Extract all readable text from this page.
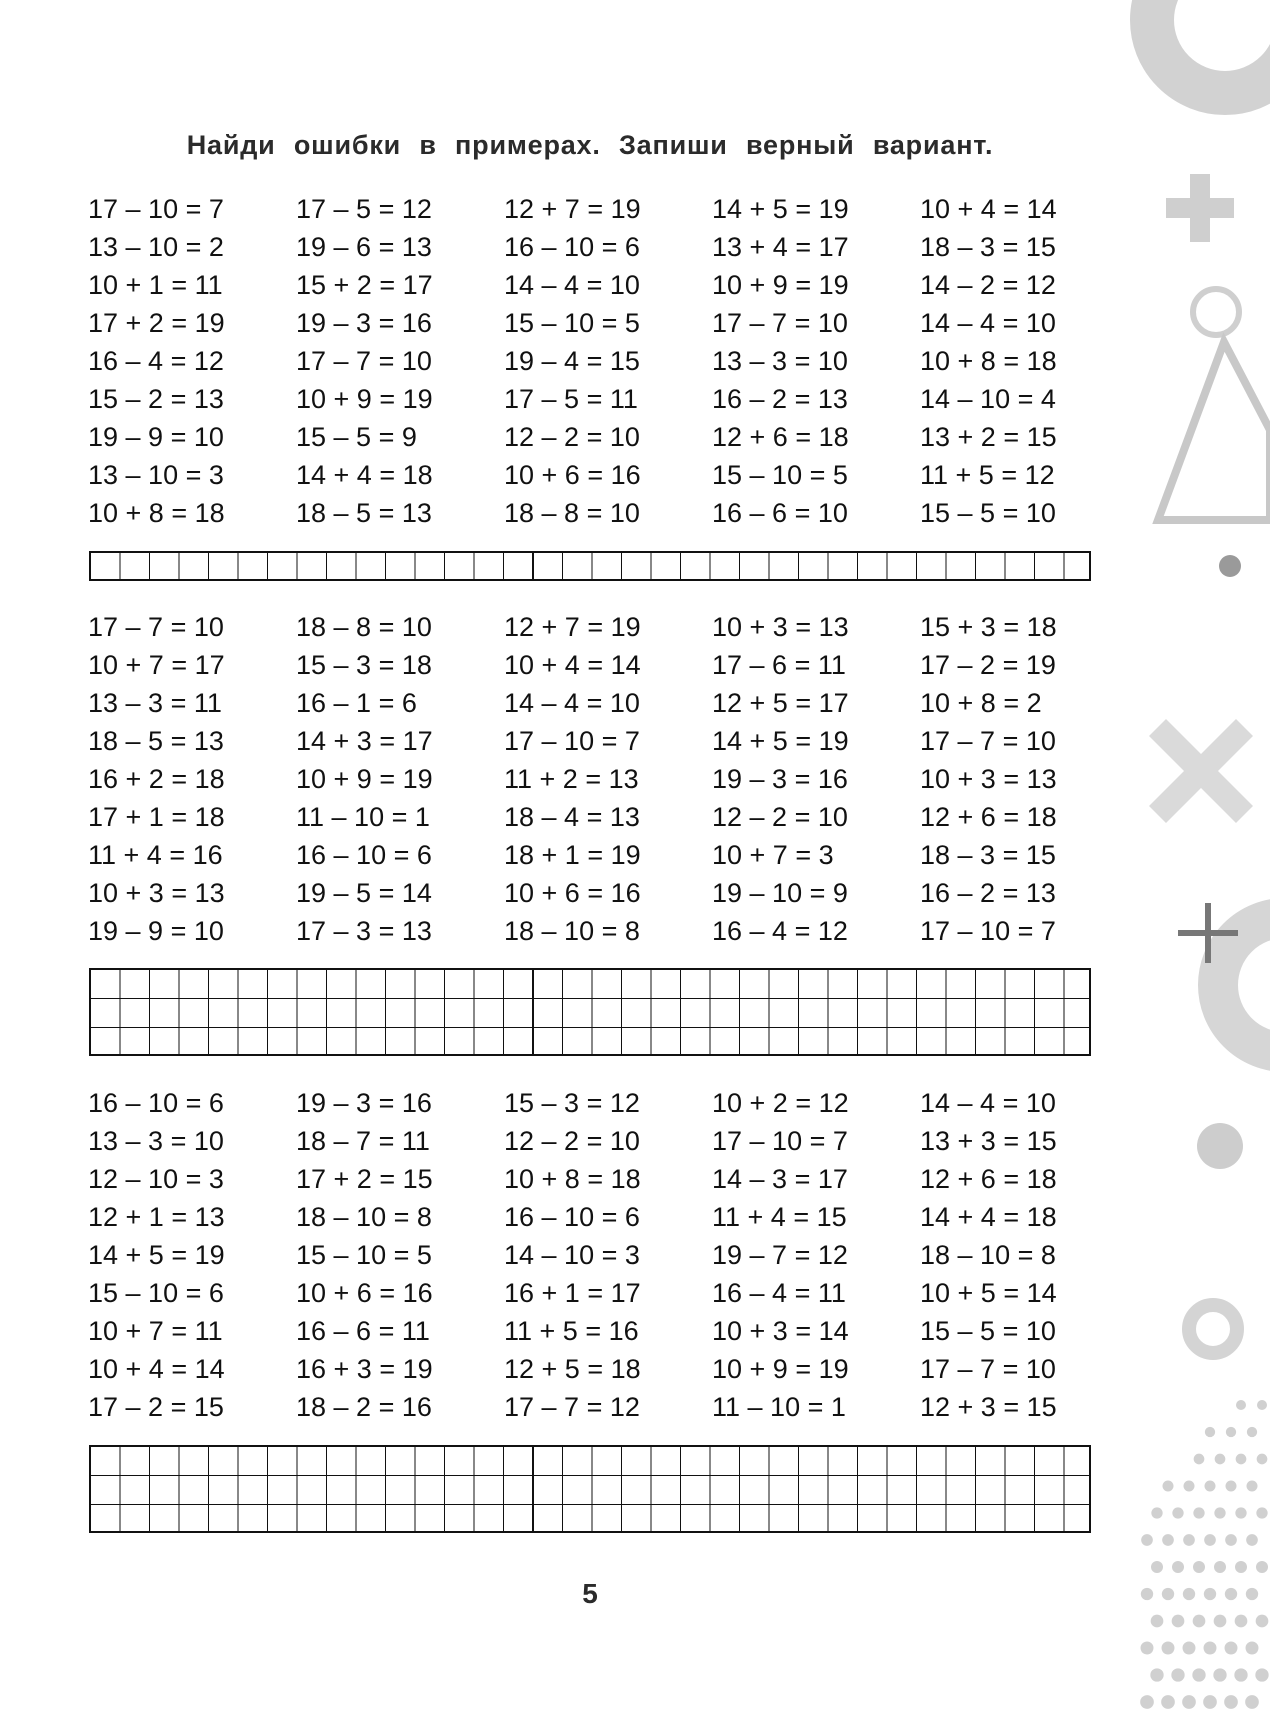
Найди ошибки в примерах. Запиши верный вариант.
17 – 10 = 7
13 – 10 = 2
10 + 1 = 11
17 + 2 = 19
16 – 4 = 12
15 – 2 = 13
19 – 9 = 10
13 – 10 = 3
10 + 8 = 18
17 – 5 = 12
19 – 6 = 13
15 + 2 = 17
19 – 3 = 16
17 – 7 = 10
10 + 9 = 19
15 – 5 = 9
14 + 4 = 18
18 – 5 = 13
12 + 7 = 19
16 – 10 = 6
14 – 4 = 10
15 – 10 = 5
19 – 4 = 15
17 – 5 = 11
12 – 2 = 10
10 + 6 = 16
18 – 8 = 10
14 + 5 = 19
13 + 4 = 17
10 + 9 = 19
17 – 7 = 10
13 – 3 = 10
16 – 2 = 13
12 + 6 = 18
15 – 10 = 5
16 – 6 = 10
10 + 4 = 14
18 – 3 = 15
14 – 2 = 12
14 – 4 = 10
10 + 8 = 18
14 – 10 = 4
13 + 2 = 15
11 + 5 = 12
15 – 5 = 10
17 – 7 = 10
10 + 7 = 17
13 – 3 = 11
18 – 5 = 13
16 + 2 = 18
17 + 1 = 18
11 + 4 = 16
10 + 3 = 13
19 – 9 = 10
18 – 8 = 10
15 – 3 = 18
16 – 1 = 6
14 + 3 = 17
10 + 9 = 19
11 – 10 = 1
16 – 10 = 6
19 – 5 = 14
17 – 3 = 13
12 + 7 = 19
10 + 4 = 14
14 – 4 = 10
17 – 10 = 7
11 + 2 = 13
18 – 4 = 13
18 + 1 = 19
10 + 6 = 16
18 – 10 = 8
10 + 3 = 13
17 – 6 = 11
12 + 5 = 17
14 + 5 = 19
19 – 3 = 16
12 – 2 = 10
10 + 7 = 3
19 – 10 = 9
16 – 4 = 12
15 + 3 = 18
17 – 2 = 19
10 + 8 = 2
17 – 7 = 10
10 + 3 = 13
12 + 6 = 18
18 – 3 = 15
16 – 2 = 13
17 – 10 = 7
16 – 10 = 6
13 – 3 = 10
12 – 10 = 3
12 + 1 = 13
14 + 5 = 19
15 – 10 = 6
10 + 7 = 11
10 + 4 = 14
17 – 2 = 15
19 – 3 = 16
18 – 7 = 11
17 + 2 = 15
18 – 10 = 8
15 – 10 = 5
10 + 6 = 16
16 – 6 = 11
16 + 3 = 19
18 – 2 = 16
15 – 3 = 12
12 – 2 = 10
10 + 8 = 18
16 – 10 = 6
14 – 10 = 3
16 + 1 = 17
11 + 5 = 16
12 + 5 = 18
17 – 7 = 12
10 + 2 = 12
17 – 10 = 7
14 – 3 = 17
11 + 4 = 15
19 – 7 = 12
16 – 4 = 11
10 + 3 = 14
10 + 9 = 19
11 – 10 = 1
14 – 4 = 10
13 + 3 = 15
12 + 6 = 18
14 + 4 = 18
18 – 10 = 8
10 + 5 = 14
15 – 5 = 10
17 – 7 = 10
12 + 3 = 15
5
